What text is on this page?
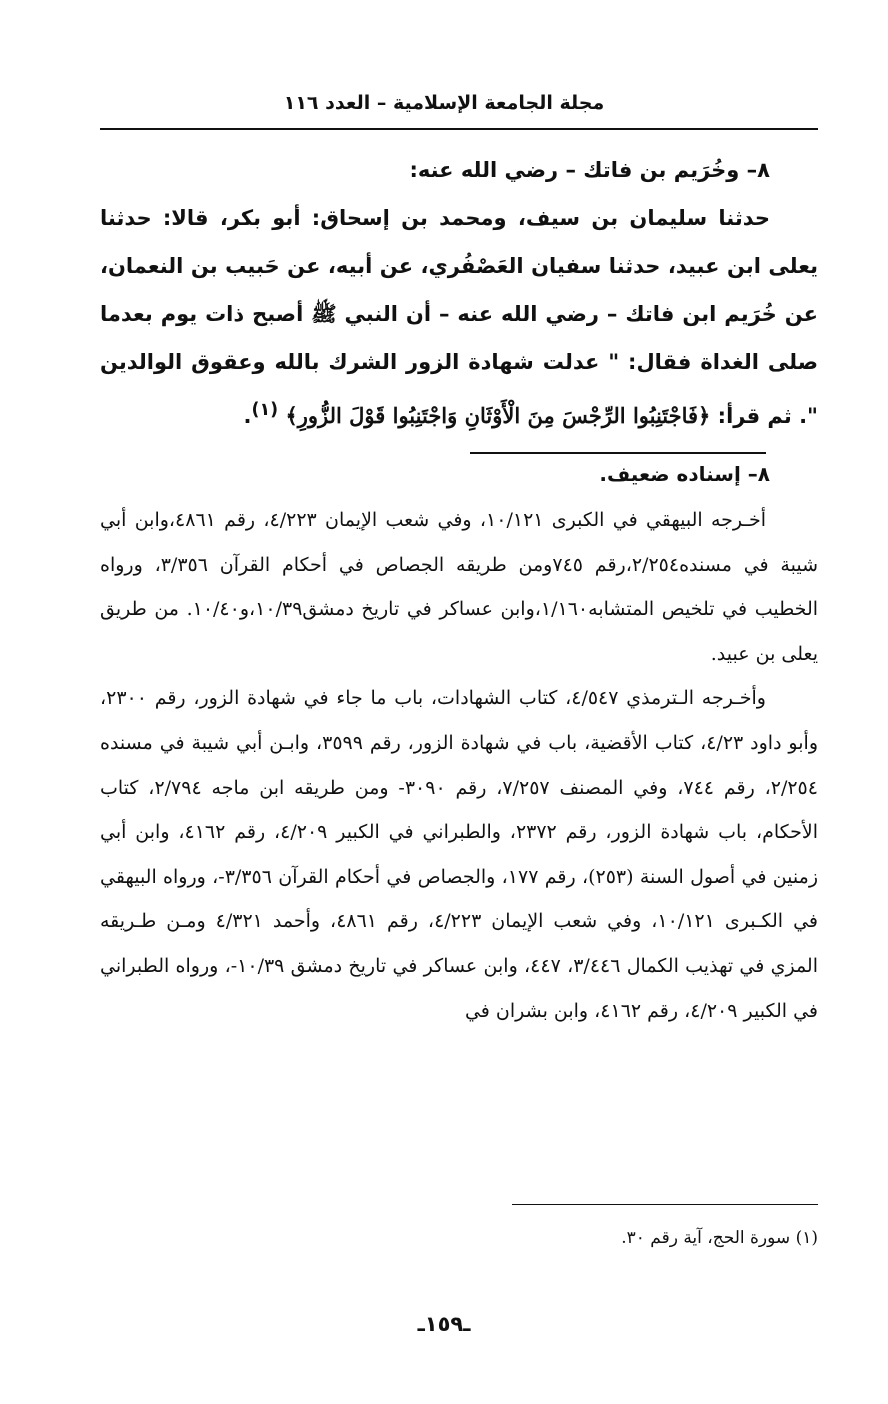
مجلة الجامعة الإسلامية – العدد ١١٦

٨– وخُرَيم بن فاتك – رضي الله عنه:

حدثنا سليمان بن سيف، ومحمد بن إسحاق: أبو بكر، قالا: حدثنا يعلى ابن عبيد، حدثنا سفيان العَصْفُري، عن أبيه، عن حَبيب بن النعمان، عن خُرَيم ابن فاتك – رضي الله عنه – أن النبي ﷺ أصبح ذات يوم بعدما صلى الغداة فقال: " عدلت شهادة الزور الشرك بالله وعقوق الوالدين ". ثم قرأ: ﴿فَاجْتَنِبُوا الرِّجْسَ مِنَ الْأَوْثَانِ وَاجْتَنِبُوا قَوْلَ الزُّورِ﴾ $^{(١)}$.

٨– إسناده ضعيف.

أخـرجه البيهقي في الكبرى ١٠/١٢١، وفي شعب الإيمان ٤/٢٢٣، رقم ٤٨٦١،وابن أبي شيبة في مسنده٢/٢٥٤،رقم ٧٤٥ومن طريقه الجصاص في أحكام القرآن ٣/٣٥٦، ورواه الخطيب في تلخيص المتشابه١/١٦٠،وابن عساكر في تاريخ دمشق١٠/٣٩،و١٠/٤٠. من طريق يعلى بن عبيد.

وأخـرجه الـترمذي ٤/٥٤٧، كتاب الشهادات، باب ما جاء في شهادة الزور، رقم ٢٣٠٠، وأبو داود ٤/٢٣، كتاب الأقضية، باب في شهادة الزور، رقم ٣٥٩٩، وابـن أبي شيبة في مسنده ٢/٢٥٤، رقم ٧٤٤، وفي المصنف ٧/٢٥٧، رقم ٣٠٩٠- ومن طريقه ابن ماجه ٢/٧٩٤، كتاب الأحكام، باب شهادة الزور، رقم ٢٣٧٢، والطبراني في الكبير ٤/٢٠٩، رقم ٤١٦٢، وابن أبي زمنين في أصول السنة (٢٥٣)، رقم ١٧٧، والجصاص في أحكام القرآن ٣/٣٥٦-، ورواه البيهقي في الكـبرى ١٠/١٢١، وفي شعب الإيمان ٤/٢٢٣، رقم ٤٨٦١، وأحمد ٤/٣٢١ ومـن طـريقه المزي في تهذيب الكمال ٣/٤٤٦، ٤٤٧، وابن عساكر في تاريخ دمشق ١٠/٣٩-، ورواه الطبراني في الكبير ٤/٢٠٩، رقم ٤١٦٢، وابن بشران في

(١) سورة الحج، آية رقم ٣٠.
ـ١٥٩ـ
